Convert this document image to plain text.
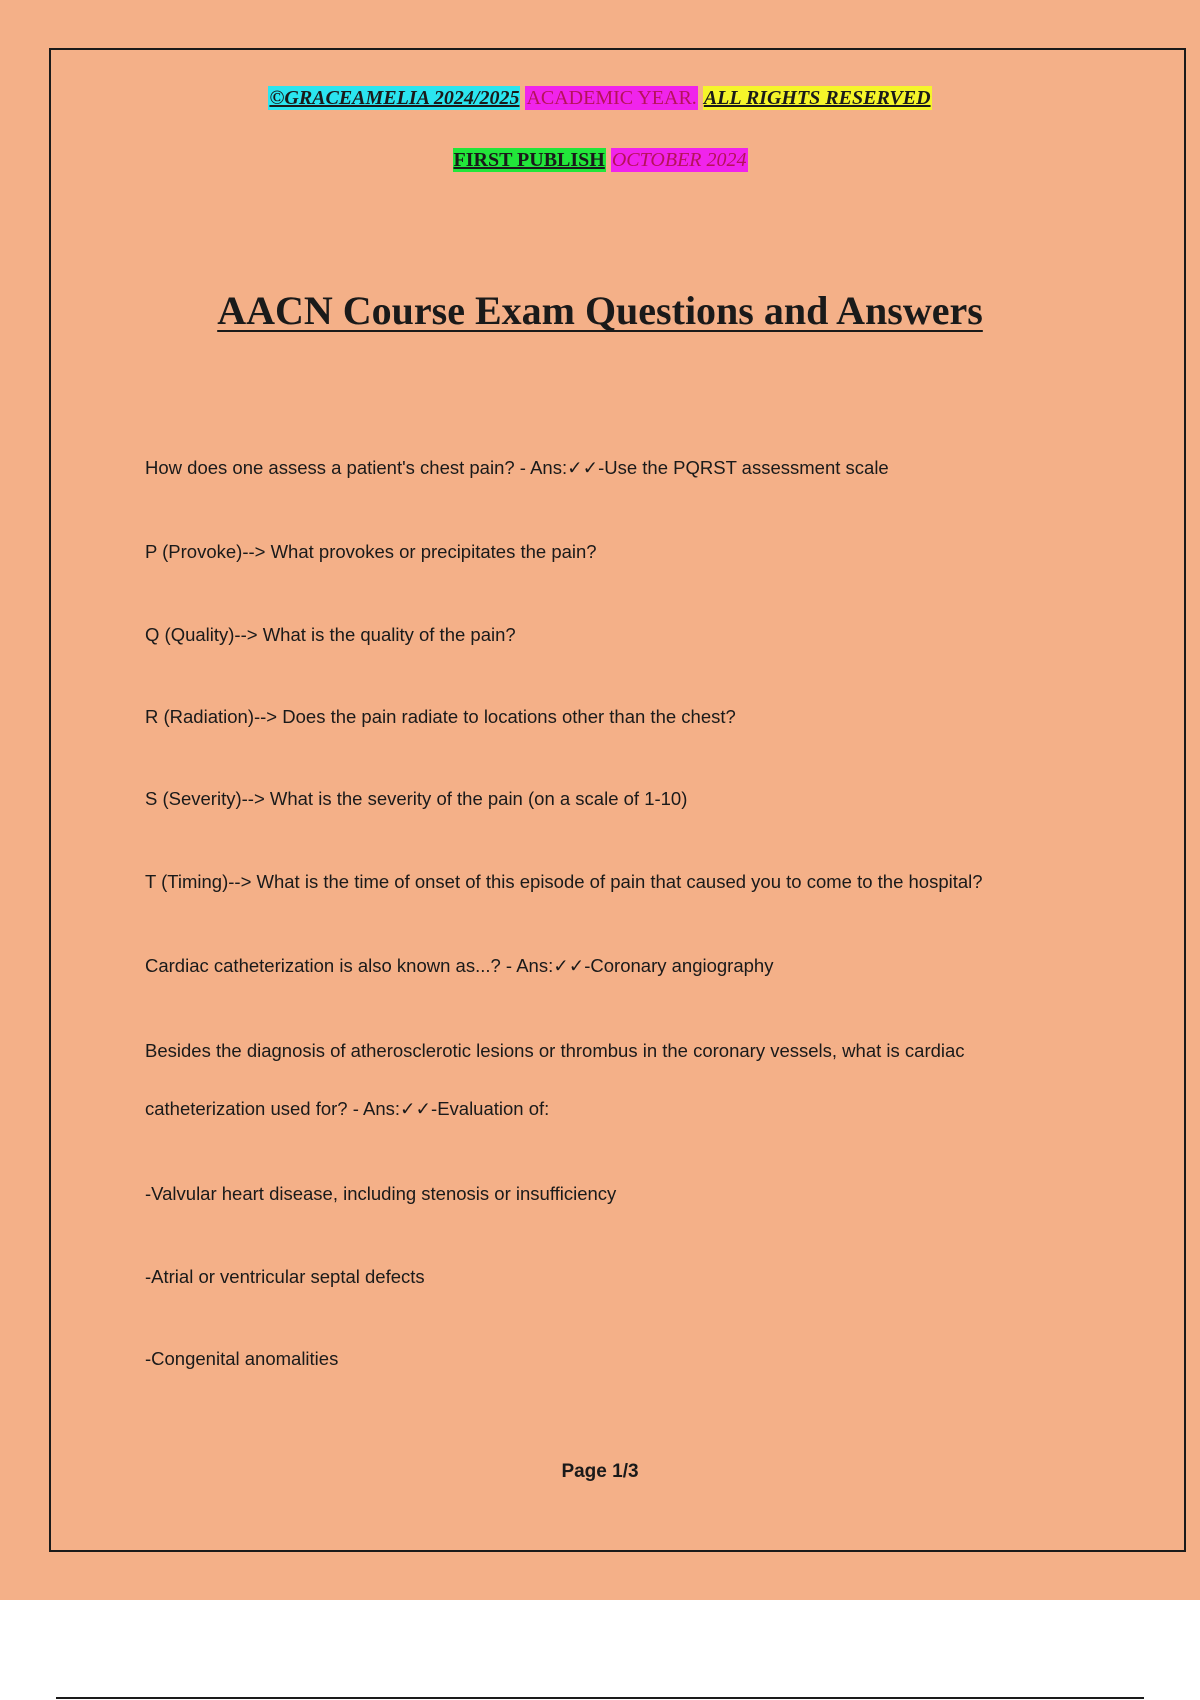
©GRACEAMELIA 2024/2025 ACADEMIC YEAR. ALL RIGHTS RESERVED
FIRST PUBLISH OCTOBER 2024
AACN Course Exam Questions and Answers
How does one assess a patient's chest pain? - Ans:✓✓-Use the PQRST assessment scale
P (Provoke)--> What provokes or precipitates the pain?
Q (Quality)--> What is the quality of the pain?
R (Radiation)--> Does the pain radiate to locations other than the chest?
S (Severity)--> What is the severity of the pain (on a scale of 1-10)
T (Timing)--> What is the time of onset of this episode of pain that caused you to come to the hospital?
Cardiac catheterization is also known as...? - Ans:✓✓-Coronary angiography
Besides the diagnosis of atherosclerotic lesions or thrombus in the coronary vessels, what is cardiac
catheterization used for? - Ans:✓✓-Evaluation of:
-Valvular heart disease, including stenosis or insufficiency
-Atrial or ventricular septal defects
-Congenital anomalities
Page 1/3
